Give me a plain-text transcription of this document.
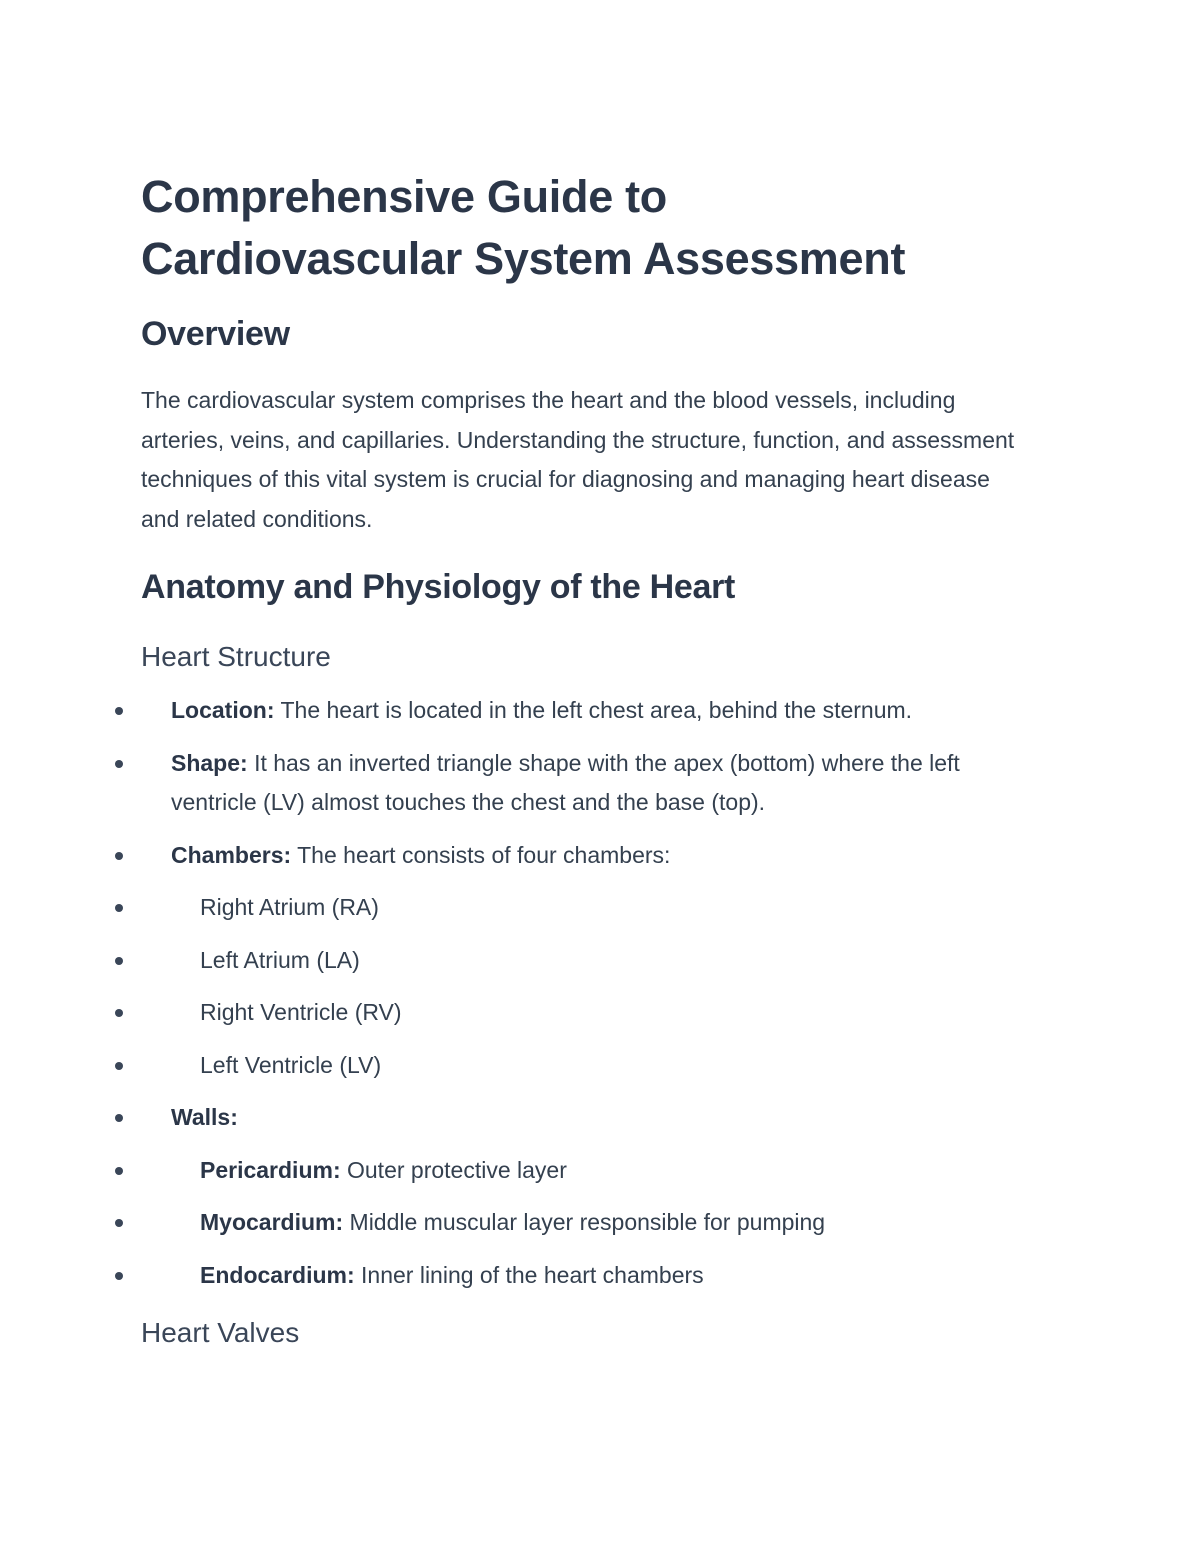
Comprehensive Guide to
Cardiovascular System Assessment
Overview

The cardiovascular system comprises the heart and the blood vessels, including arteries, veins, and capillaries. Understanding the structure, function, and assessment techniques of this vital system is crucial for diagnosing and managing heart disease and related conditions.

Anatomy and Physiology of the Heart
Heart Structure
Location: The heart is located in the left chest area, behind the sternum.
Shape: It has an inverted triangle shape with the apex (bottom) where the left ventricle (LV) almost touches the chest and the base (top).
Chambers: The heart consists of four chambers:
Right Atrium (RA)
Left Atrium (LA)
Right Ventricle (RV)
Left Ventricle (LV)
Walls:
Pericardium: Outer protective layer
Myocardium: Middle muscular layer responsible for pumping
Endocardium: Inner lining of the heart chambers
Heart Valves
